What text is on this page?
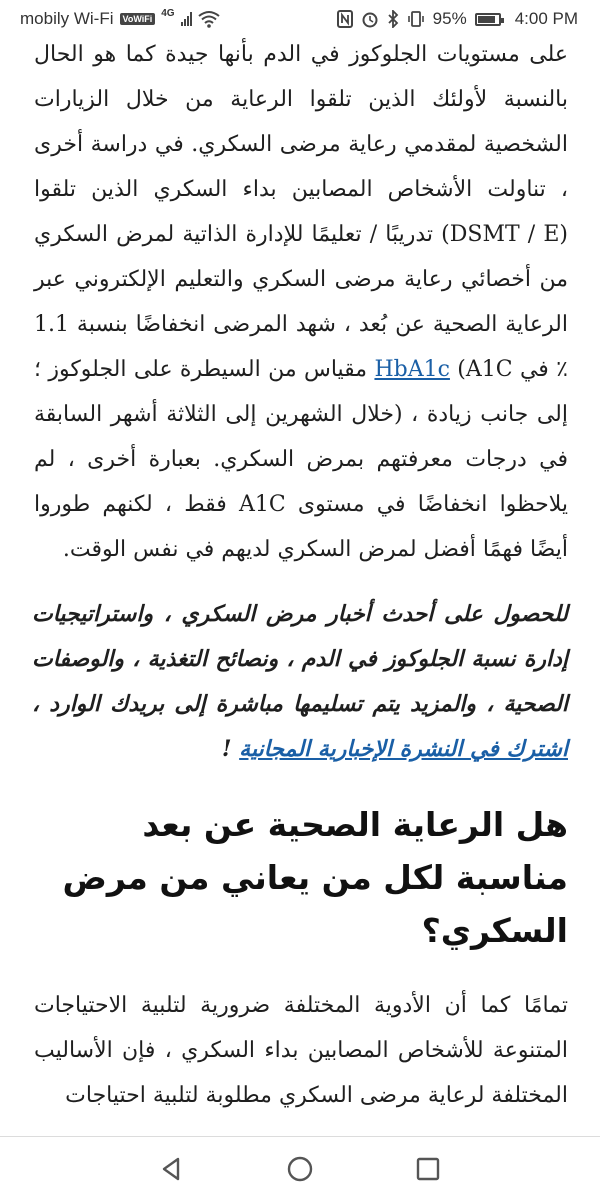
mobily Wi-Fi	VoWiFi
4G	95%	4:00 PM

على مستويات الجلوكوز في الدم بأنها جيدة كما هو الحال بالنسبة لأولئك الذين تلقوا الرعاية من خلال الزيارات الشخصية لمقدمي رعاية مرضى السكري. في دراسة أخرى ، تناولت الأشخاص المصابين بداء السكري الذين تلقوا (DSMT / E) تدريبًا / تعليمًا للإدارة الذاتية لمرض السكري من أخصائي رعاية مرضى السكري والتعليم الإلكتروني عبر الرعاية الصحية عن بُعد ، شهد المرضى انخفاضًا بنسبة 1.1 ٪ في HbA1c (A1C مقياس من السيطرة على الجلوكوز ؛ إلى جانب زيادة ، (خلال الشهرين إلى الثلاثة أشهر السابقة في درجات معرفتهم بمرض السكري. بعبارة أخرى ، لم يلاحظوا انخفاضًا في مستوى A1C فقط ، لكنهم طوروا أيضًا فهمًا أفضل لمرض السكري لديهم في نفس الوقت.

للحصول على أحدث أخبار مرض السكري ، واستراتيجيات إدارة نسبة الجلوكوز في الدم ، ونصائح التغذية ، والوصفات الصحية ، والمزيد يتم تسليمها مباشرة إلى بريدك الوارد ، اشترك في النشرة الإخبارية المجانية !

هل الرعاية الصحية عن بعد مناسبة لكل من يعاني من مرض السكري؟

تمامًا كما أن الأدوية المختلفة ضرورية لتلبية الاحتياجات المتنوعة للأشخاص المصابين بداء السكري ، فإن الأساليب المختلفة لرعاية مرضى السكري مطلوبة لتلبية احتياجات
